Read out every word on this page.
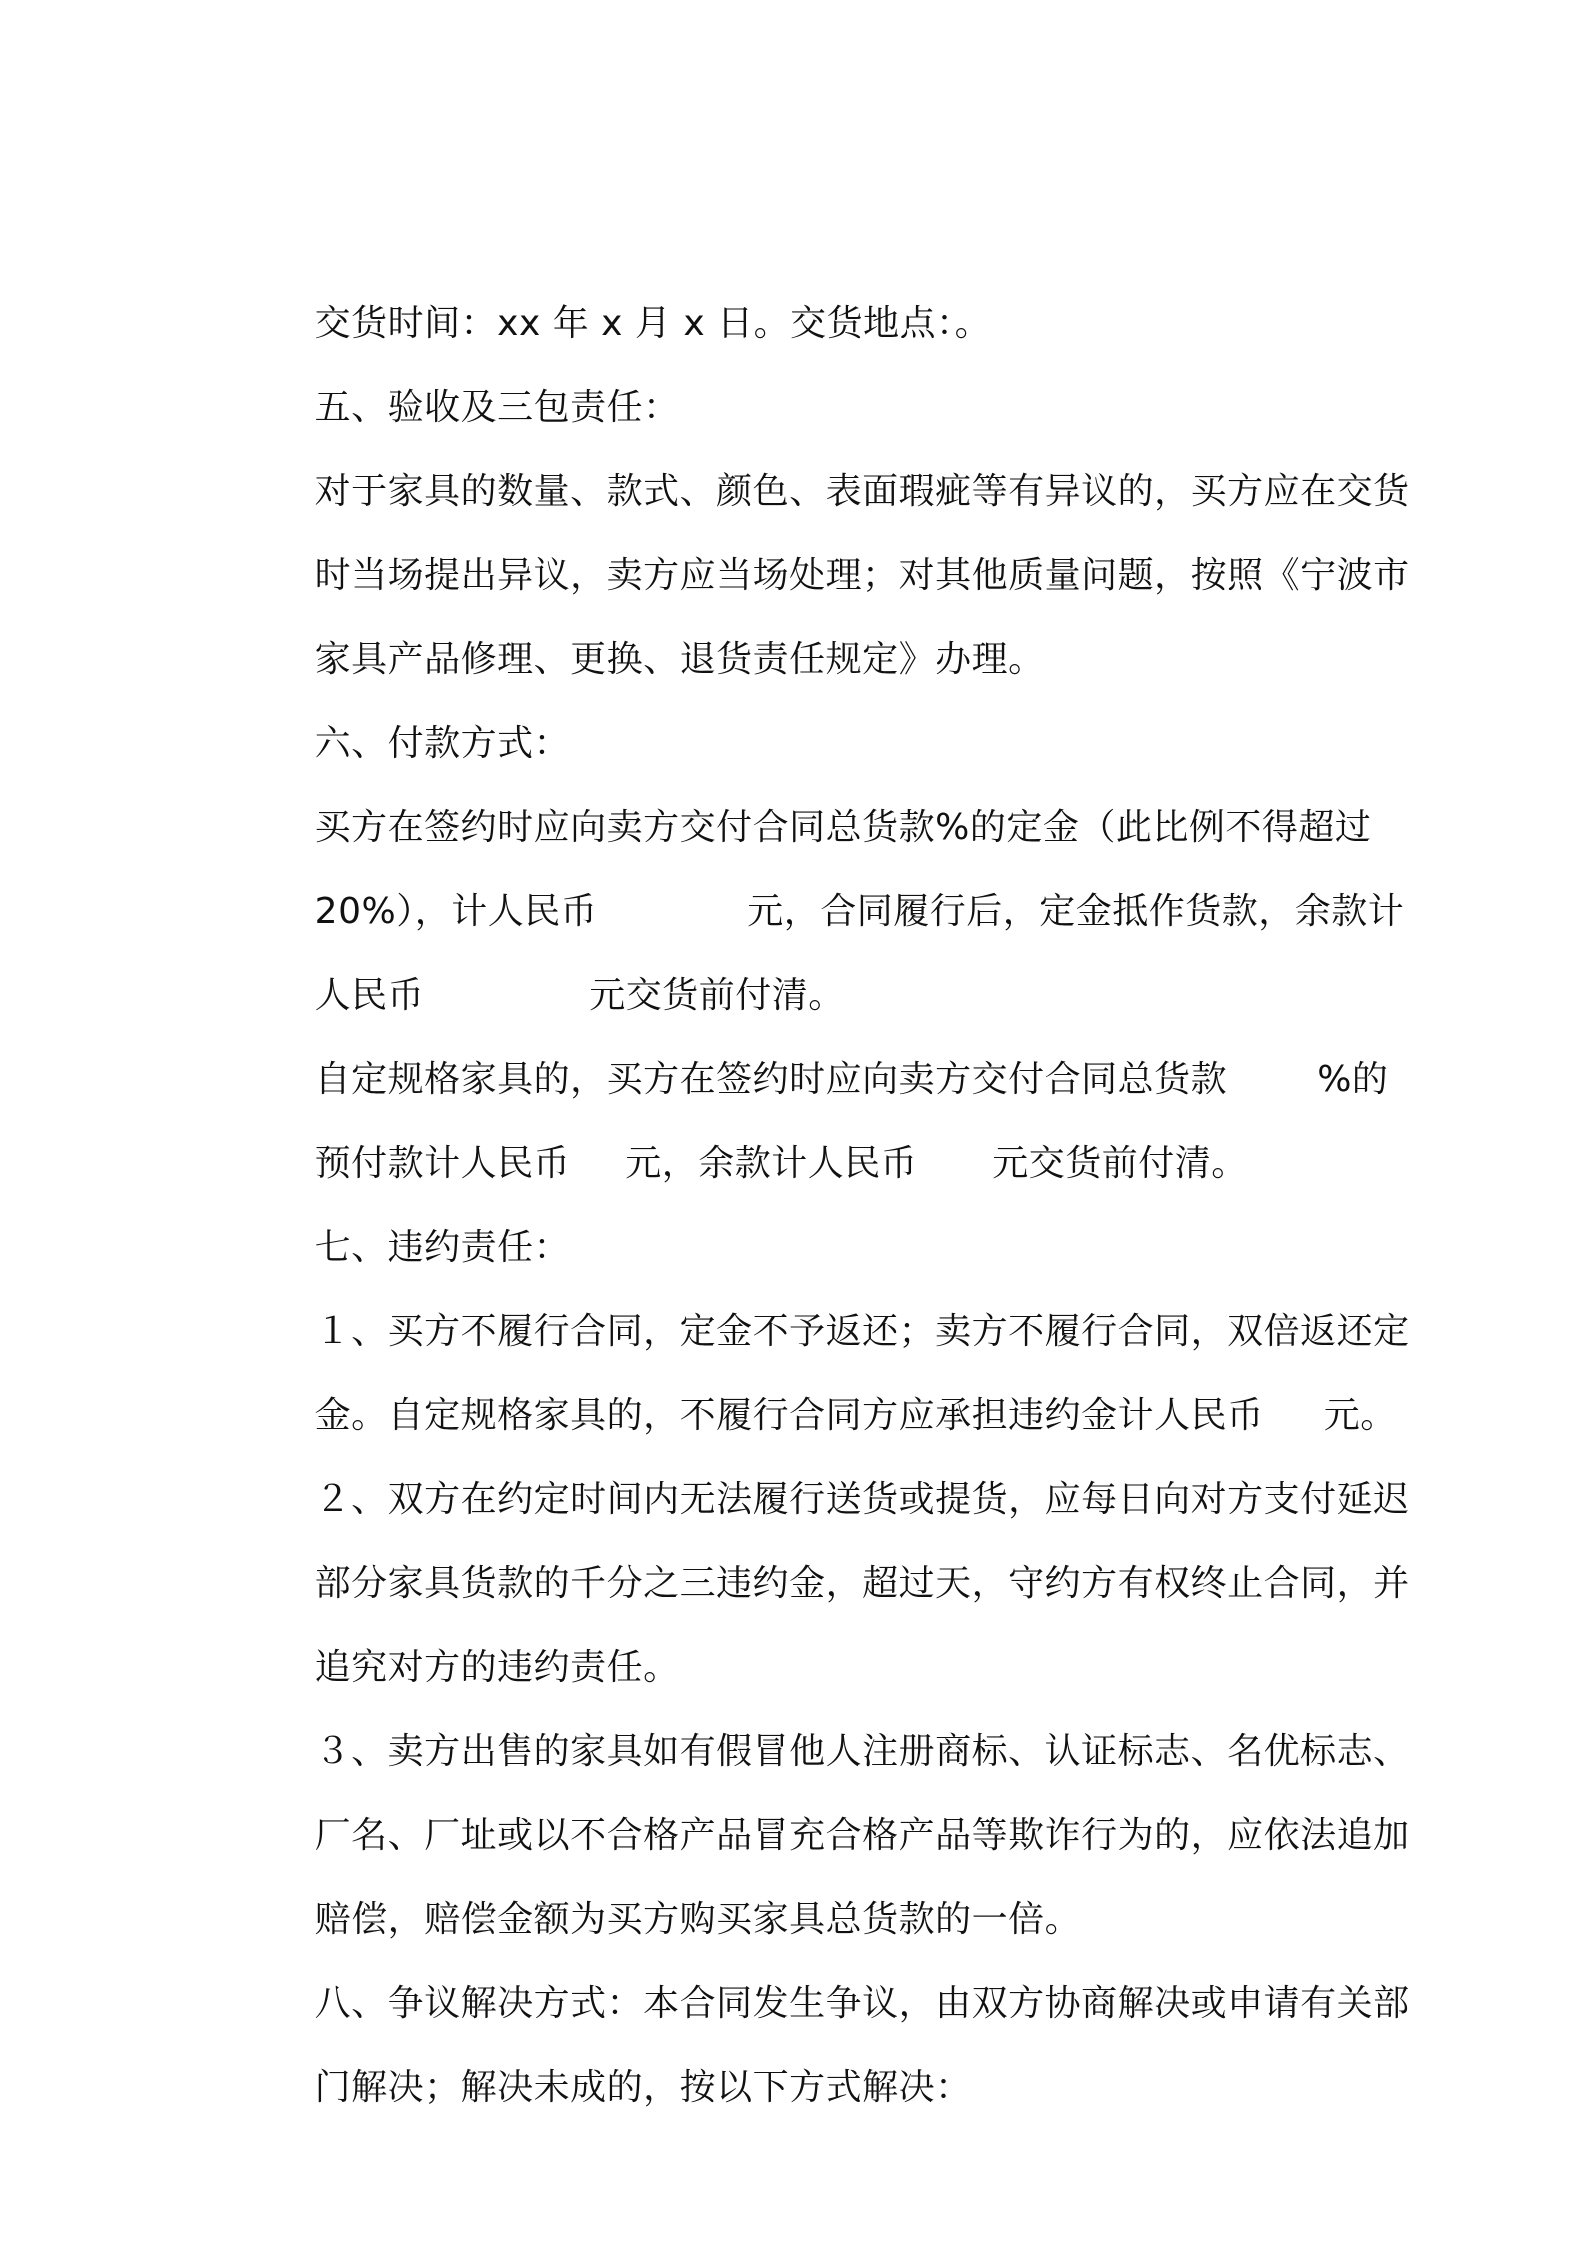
交货时间：xx 年 x 月 x 日。交货地点：。

五、验收及三包责任：

对于家具的数量、款式、颜色、表面瑕疵等有异议的，买方应在交货

时当场提出异议，卖方应当场处理；对其他质量问题，按照《宁波市

家具产品修理、更换、退货责任规定》办理。

六、付款方式：

买方在签约时应向卖方交付合同总货款%的定金（此比例不得超过

20%），计人民币	元，合同履行后，定金抵作货款，余款计

人民币	元交货前付清。

自定规格家具的，买方在签约时应向卖方交付合同总货款	%的

预付款计人民币 元，余款计人民币 元交货前付清。

七、违约责任：

１、买方不履行合同，定金不予返还；卖方不履行合同，双倍返还定

金。自定规格家具的，不履行合同方应承担违约金计人民币 元。

２、双方在约定时间内无法履行送货或提货，应每日向对方支付延迟

部分家具货款的千分之三违约金，超过天，守约方有权终止合同，并

追究对方的违约责任。

３、卖方出售的家具如有假冒他人注册商标、认证标志、名优标志、

厂名、厂址或以不合格产品冒充合格产品等欺诈行为的，应依法追加

赔偿，赔偿金额为买方购买家具总货款的一倍。

八、争议解决方式：本合同发生争议，由双方协商解决或申请有关部

门解决；解决未成的，按以下方式解决：
